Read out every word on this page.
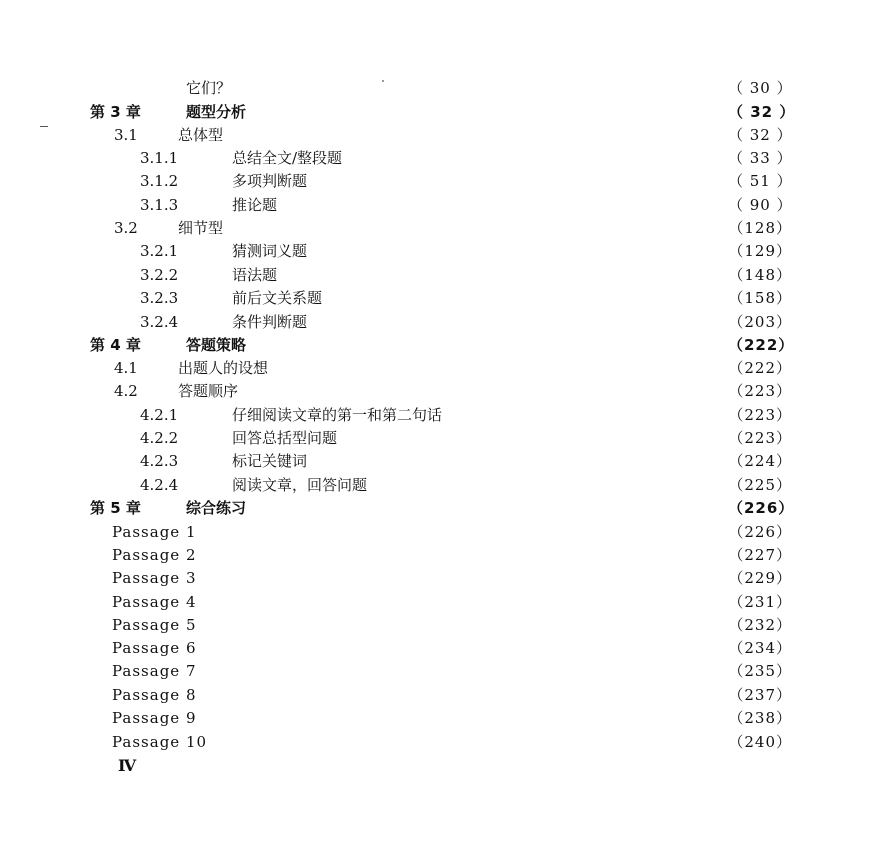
它们？	（ 30 ）
第 3 章	题型分析	（ 32 ）
3.1	总体型	（ 32 ）
3.1.1	总结全文/整段题	（ 33 ）
3.1.2	多项判断题	（ 51 ）
3.1.3	推论题	（ 90 ）
3.2	细节型	（128）
3.2.1	猜测词义题	（129）
3.2.2	语法题	（148）
3.2.3	前后文关系题	（158）
3.2.4	条件判断题	（203）
第 4 章	答题策略	（222）
4.1	出题人的设想	（222）
4.2	答题顺序	（223）
4.2.1	仔细阅读文章的第一和第二句话	（223）
4.2.2	回答总括型问题	（223）
4.2.3	标记关键词	（224）
4.2.4	阅读文章，回答问题	（225）
第 5 章	综合练习	（226）
Passage 1	（226）
Passage 2	（227）
Passage 3	（229）
Passage 4	（231）
Passage 5	（232）
Passage 6	（234）
Passage 7	（235）
Passage 8	（237）
Passage 9	（238）
Passage 10	（240）
Ⅳ
